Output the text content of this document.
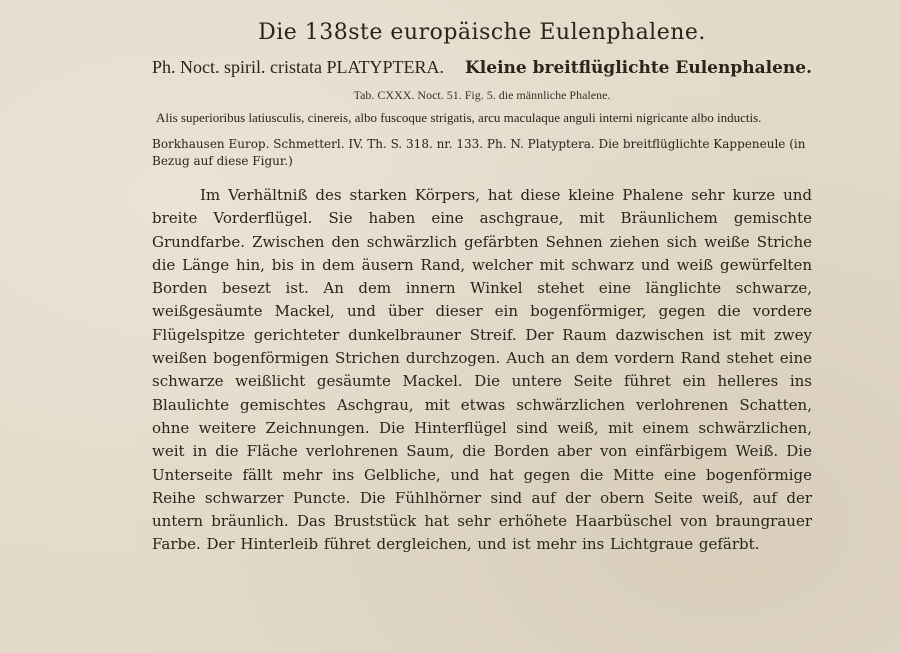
Die 138ste europäische Eulenphalene.
Ph. Noct. spiril. cristata PLATYPTERA. Kleine breitflüglichte Eulenphalene.

Tab. CXXX. Noct. 51. Fig. 5. die männliche Phalene.

Alis superioribus latiusculis, cinereis, albo fuscoque strigatis, arcu maculaque anguli interni nigricante albo inductis.

Borkhausen Europ. Schmetterl. IV. Th. S. 318. nr. 133. Ph. N. Platyptera. Die breitflüglichte Kappeneule (in Bezug auf diese Figur.)

Im Verhältniß des starken Körpers, hat diese kleine Phalene sehr kurze und breite Vorderflügel. Sie haben eine aschgraue, mit Bräunlichem gemischte Grundfarbe. Zwischen den schwärzlich gefärbten Sehnen ziehen sich weiße Striche die Länge hin, bis in dem äusern Rand, welcher mit schwarz und weiß gewürfelten Borden besezt ist. An dem innern Winkel stehet eine länglichte schwarze, weißgesäumte Mackel, und über dieser ein bogenförmiger, gegen die vordere Flügelspitze gerichteter dunkelbrauner Streif. Der Raum dazwischen ist mit zwey weißen bogenförmigen Strichen durchzogen. Auch an dem vordern Rand stehet eine schwarze weißlicht gesäumte Mackel. Die untere Seite führet ein helleres ins Blaulichte gemischtes Aschgrau, mit etwas schwärzlichen verlohrenen Schatten, ohne weitere Zeichnungen. Die Hinterflügel sind weiß, mit einem schwärzlichen, weit in die Fläche verlohrenen Saum, die Borden aber von einfärbigem Weiß. Die Unterseite fällt mehr ins Gelbliche, und hat gegen die Mitte eine bogenförmige Reihe schwarzer Puncte. Die Fühlhörner sind auf der obern Seite weiß, auf der untern bräunlich. Das Bruststück hat sehr erhöhete Haarbüschel von braungrauer Farbe. Der Hinterleib führet dergleichen, und ist mehr ins Lichtgraue gefärbt.
